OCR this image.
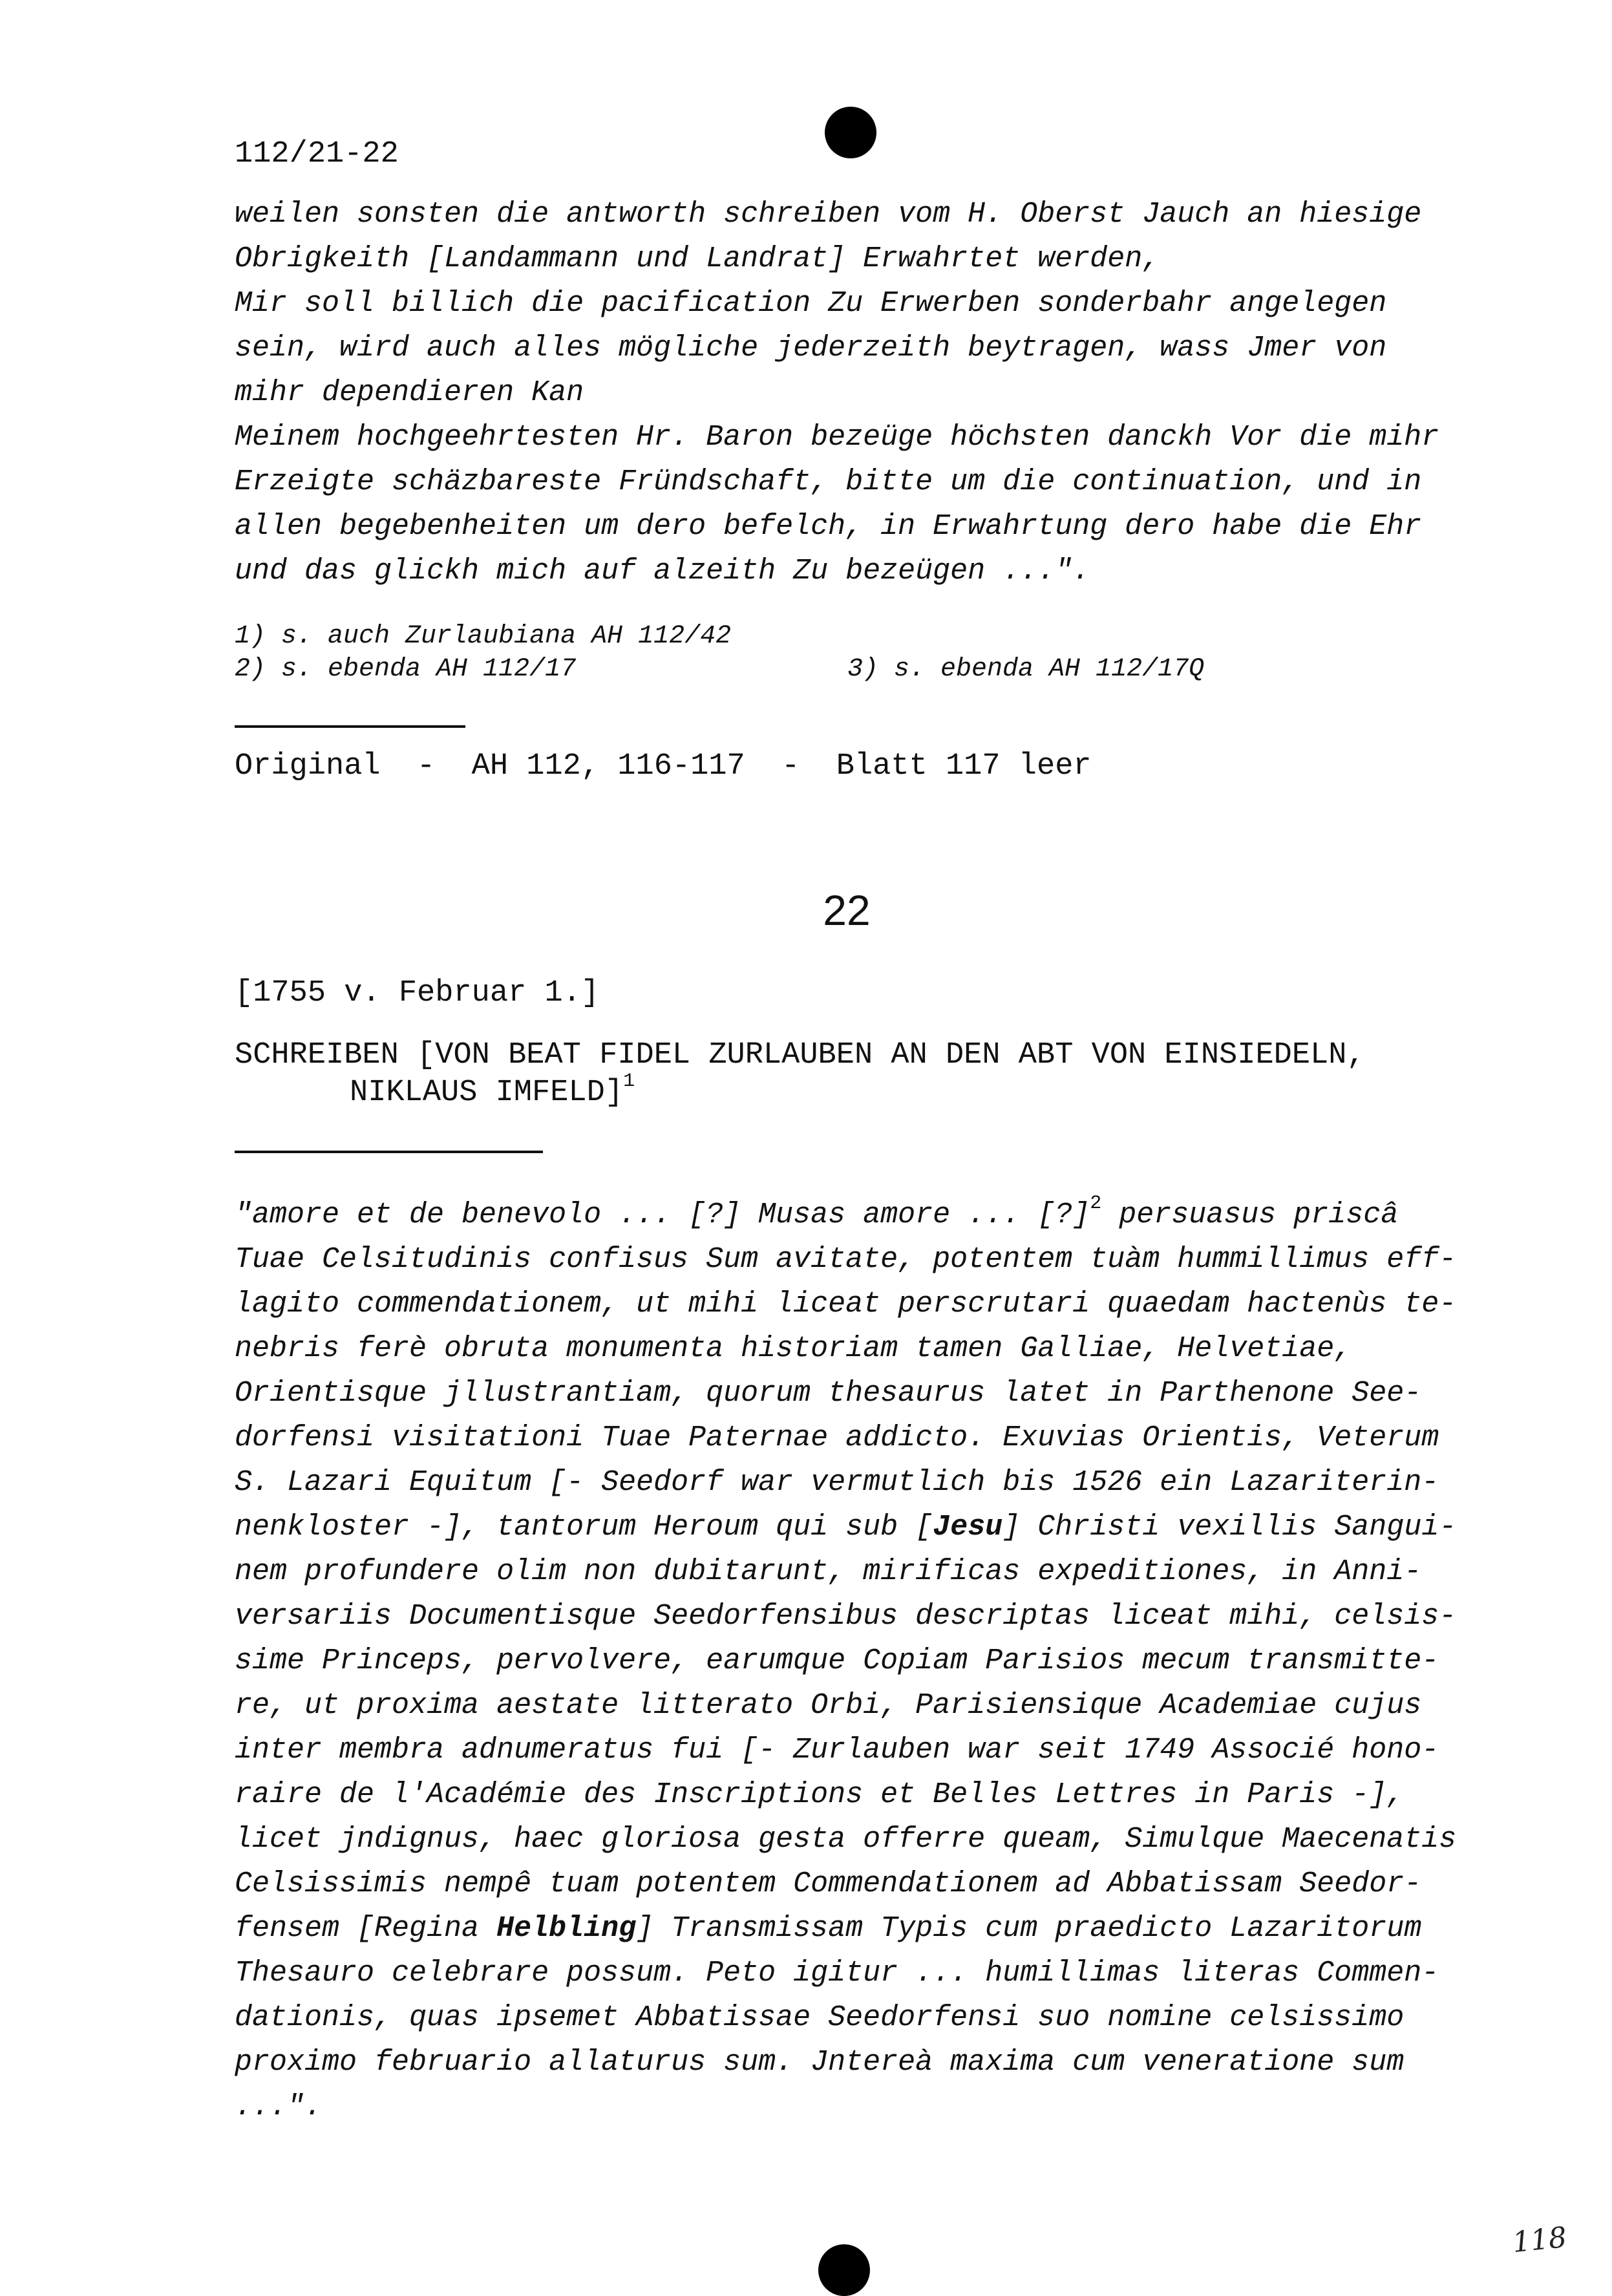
112/21-22
weilen sonsten die antworth schreiben vom H. Oberst Jauch an hiesige
Obrigkeith [Landammann und Landrat] Erwahrtet werden,
Mir soll billich die pacification Zu Erwerben sonderbahr angelegen
sein, wird auch alles mögliche jederzeith beytragen, wass Jmer von
mihr dependieren Kan
Meinem hochgeehrtesten Hr. Baron bezeüge höchsten danckh Vor die mihr
Erzeigte schäzbareste Fründschaft, bitte um die continuation, und in
allen begebenheiten um dero befelch, in Erwahrtung dero habe die Ehr
und das glickh mich auf alzeith Zu bezeügen ...".
1) s. auch Zurlaubiana AH 112/42
2) s. ebenda AH 112/17	3) s. ebenda AH 112/17Q
Original  -  AH 112, 116-117  -  Blatt 117 leer
22
[1755 v. Februar 1.]
SCHREIBEN [VON BEAT FIDEL ZURLAUBEN AN DEN ABT VON EINSIEDELN,
NIKLAUS IMFELD]$^1$
"amore et de benevolo ... [?] Musas amore ... [?]$^2$ persuasus priscâ
Tuae Celsitudinis confisus Sum avitate, potentem tuàm hummillimus eff-
lagito commendationem, ut mihi liceat perscrutari quaedam hactenùs te-
nebris ferè obruta monumenta historiam tamen Galliae, Helvetiae,
Orientisque jllustrantiam, quorum thesaurus latet in Parthenone See-
dorfensi visitationi Tuae Paternae addicto. Exuvias Orientis, Veterum
S. Lazari Equitum [- Seedorf war vermutlich bis 1526 ein Lazariterin-
nenkloster -], tantorum Heroum qui sub [Jesu] Christi vexillis Sangui-
nem profundere olim non dubitarunt, mirificas expeditiones, in Anni-
versariis Documentisque Seedorfensibus descriptas liceat mihi, celsis-
sime Princeps, pervolvere, earumque Copiam Parisios mecum transmitte-
re, ut proxima aestate litterato Orbi, Parisiensique Academiae cujus
inter membra adnumeratus fui [- Zurlauben war seit 1749 Associé hono-
raire de l'Académie des Inscriptions et Belles Lettres in Paris -],
licet jndignus, haec gloriosa gesta offerre queam, Simulque Maecenatis
Celsissimis nempê tuam potentem Commendationem ad Abbatissam Seedor-
fensem [Regina Helbling] Transmissam Typis cum praedicto Lazaritorum
Thesauro celebrare possum. Peto igitur ... humillimas literas Commen-
dationis, quas ipsemet Abbatissae Seedorfensi suo nomine celsissimo
proximo februario allaturus sum. Jntereà maxima cum veneratione sum
...".
118
